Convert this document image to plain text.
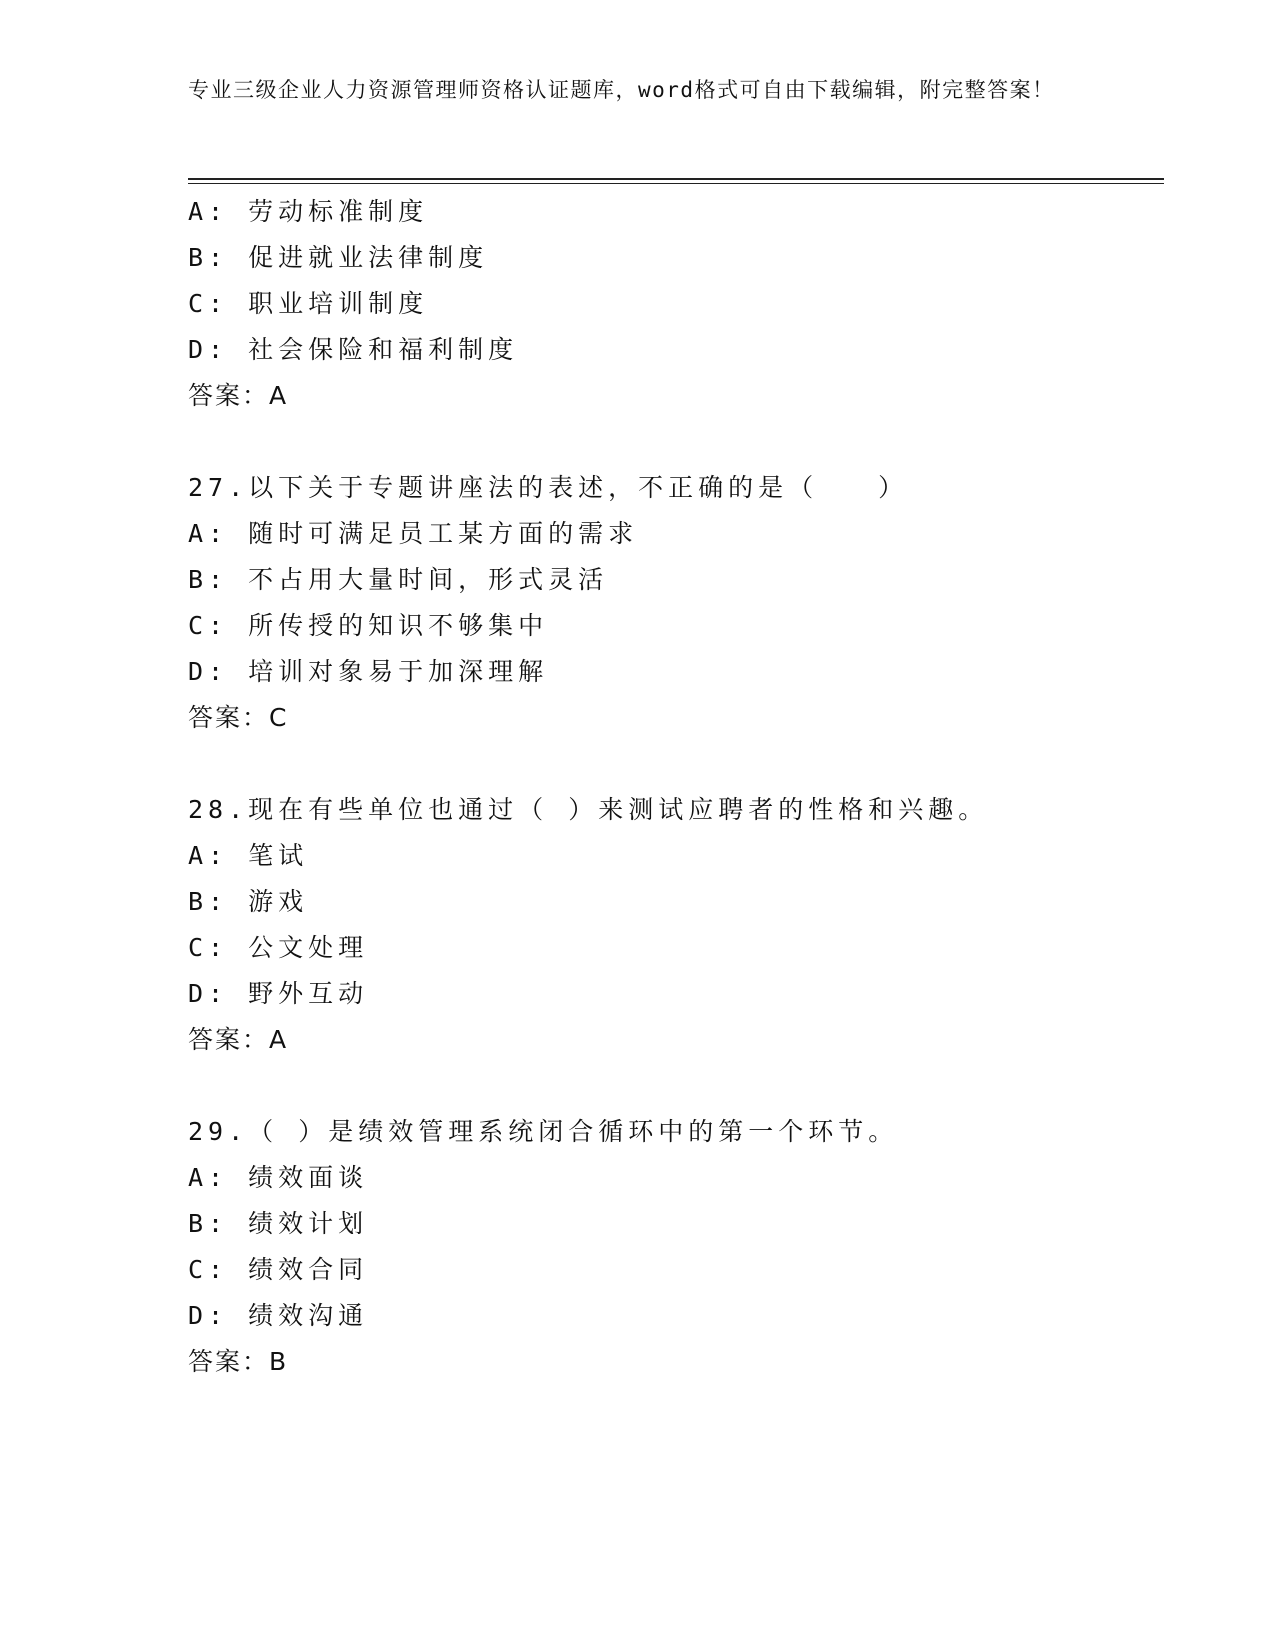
专业三级企业人力资源管理师资格认证题库，word格式可自由下载编辑，附完整答案！
A: 劳动标准制度
B: 促进就业法律制度
C: 职业培训制度
D: 社会保险和福利制度
答案：A
27.以下关于专题讲座法的表述，不正确的是（　　）
A: 随时可满足员工某方面的需求
B: 不占用大量时间，形式灵活
C: 所传授的知识不够集中
D: 培训对象易于加深理解
答案：C
28.现在有些单位也通过（ ）来测试应聘者的性格和兴趣。
A: 笔试
B: 游戏
C: 公文处理
D: 野外互动
答案：A
29.（ ）是绩效管理系统闭合循环中的第一个环节。
A: 绩效面谈
B: 绩效计划
C: 绩效合同
D: 绩效沟通
答案：B
